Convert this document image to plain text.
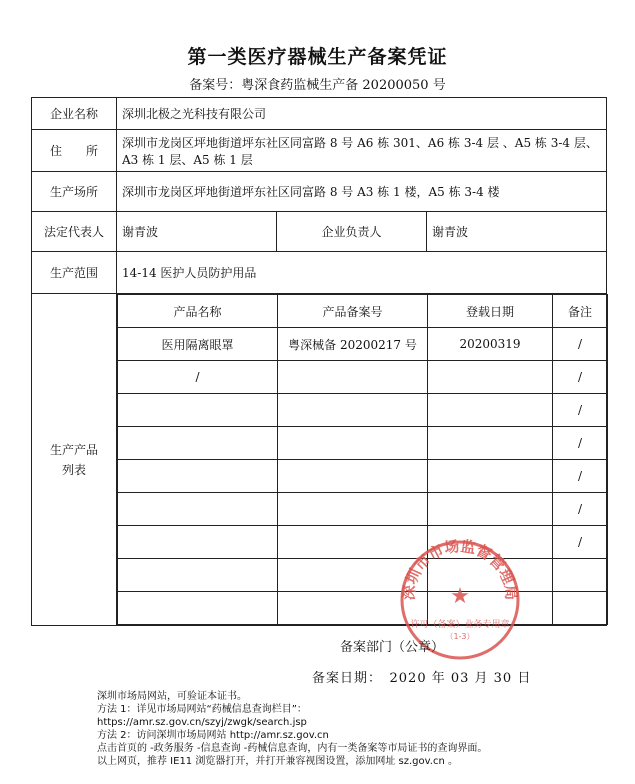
第一类医疗器械生产备案凭证
备案号：粤深食药监械生产备 20200050 号
企业名称	深圳北极之光科技有限公司
住　　所	深圳市龙岗区坪地街道坪东社区同富路 8 号 A6 栋 301、A6 栋 3-4 层 、A5 栋 3-4 层、A3 栋 1 层、A5 栋 1 层
生产场所	深圳市龙岗区坪地街道坪东社区同富路 8 号 A3 栋 1 楼，A5 栋 3-4 楼
法定代表人	谢青波	企业负责人	谢青波
生产范围	14-14 医护人员防护用品
生产产品
列表	
产品名称	产品备案号	登载日期	备注
医用隔离眼罩	粤深械备 20200217 号	20200319	/
/			/
			/
			/
			/
			/
			/

深圳市市场监督管理局
许可（备案）业务专用章
（1-3）
★
备案部门（公章）
备案日期：　2020 年 03 月 30 日
深圳市场局网站，可验证本证书。
方法 1：详见市场局网站“药械信息查询栏目”：
https://amr.sz.gov.cn/szyj/zwgk/search.jsp
方法 2：访问深圳市场局网站 http://amr.sz.gov.cn
点击首页的 -政务服务 -信息查询 -药械信息查询，内有一类备案等市局证书的查询界面。
以上网页，推荐 IE11 浏览器打开，并打开兼容视图设置，添加网址 sz.gov.cn 。
